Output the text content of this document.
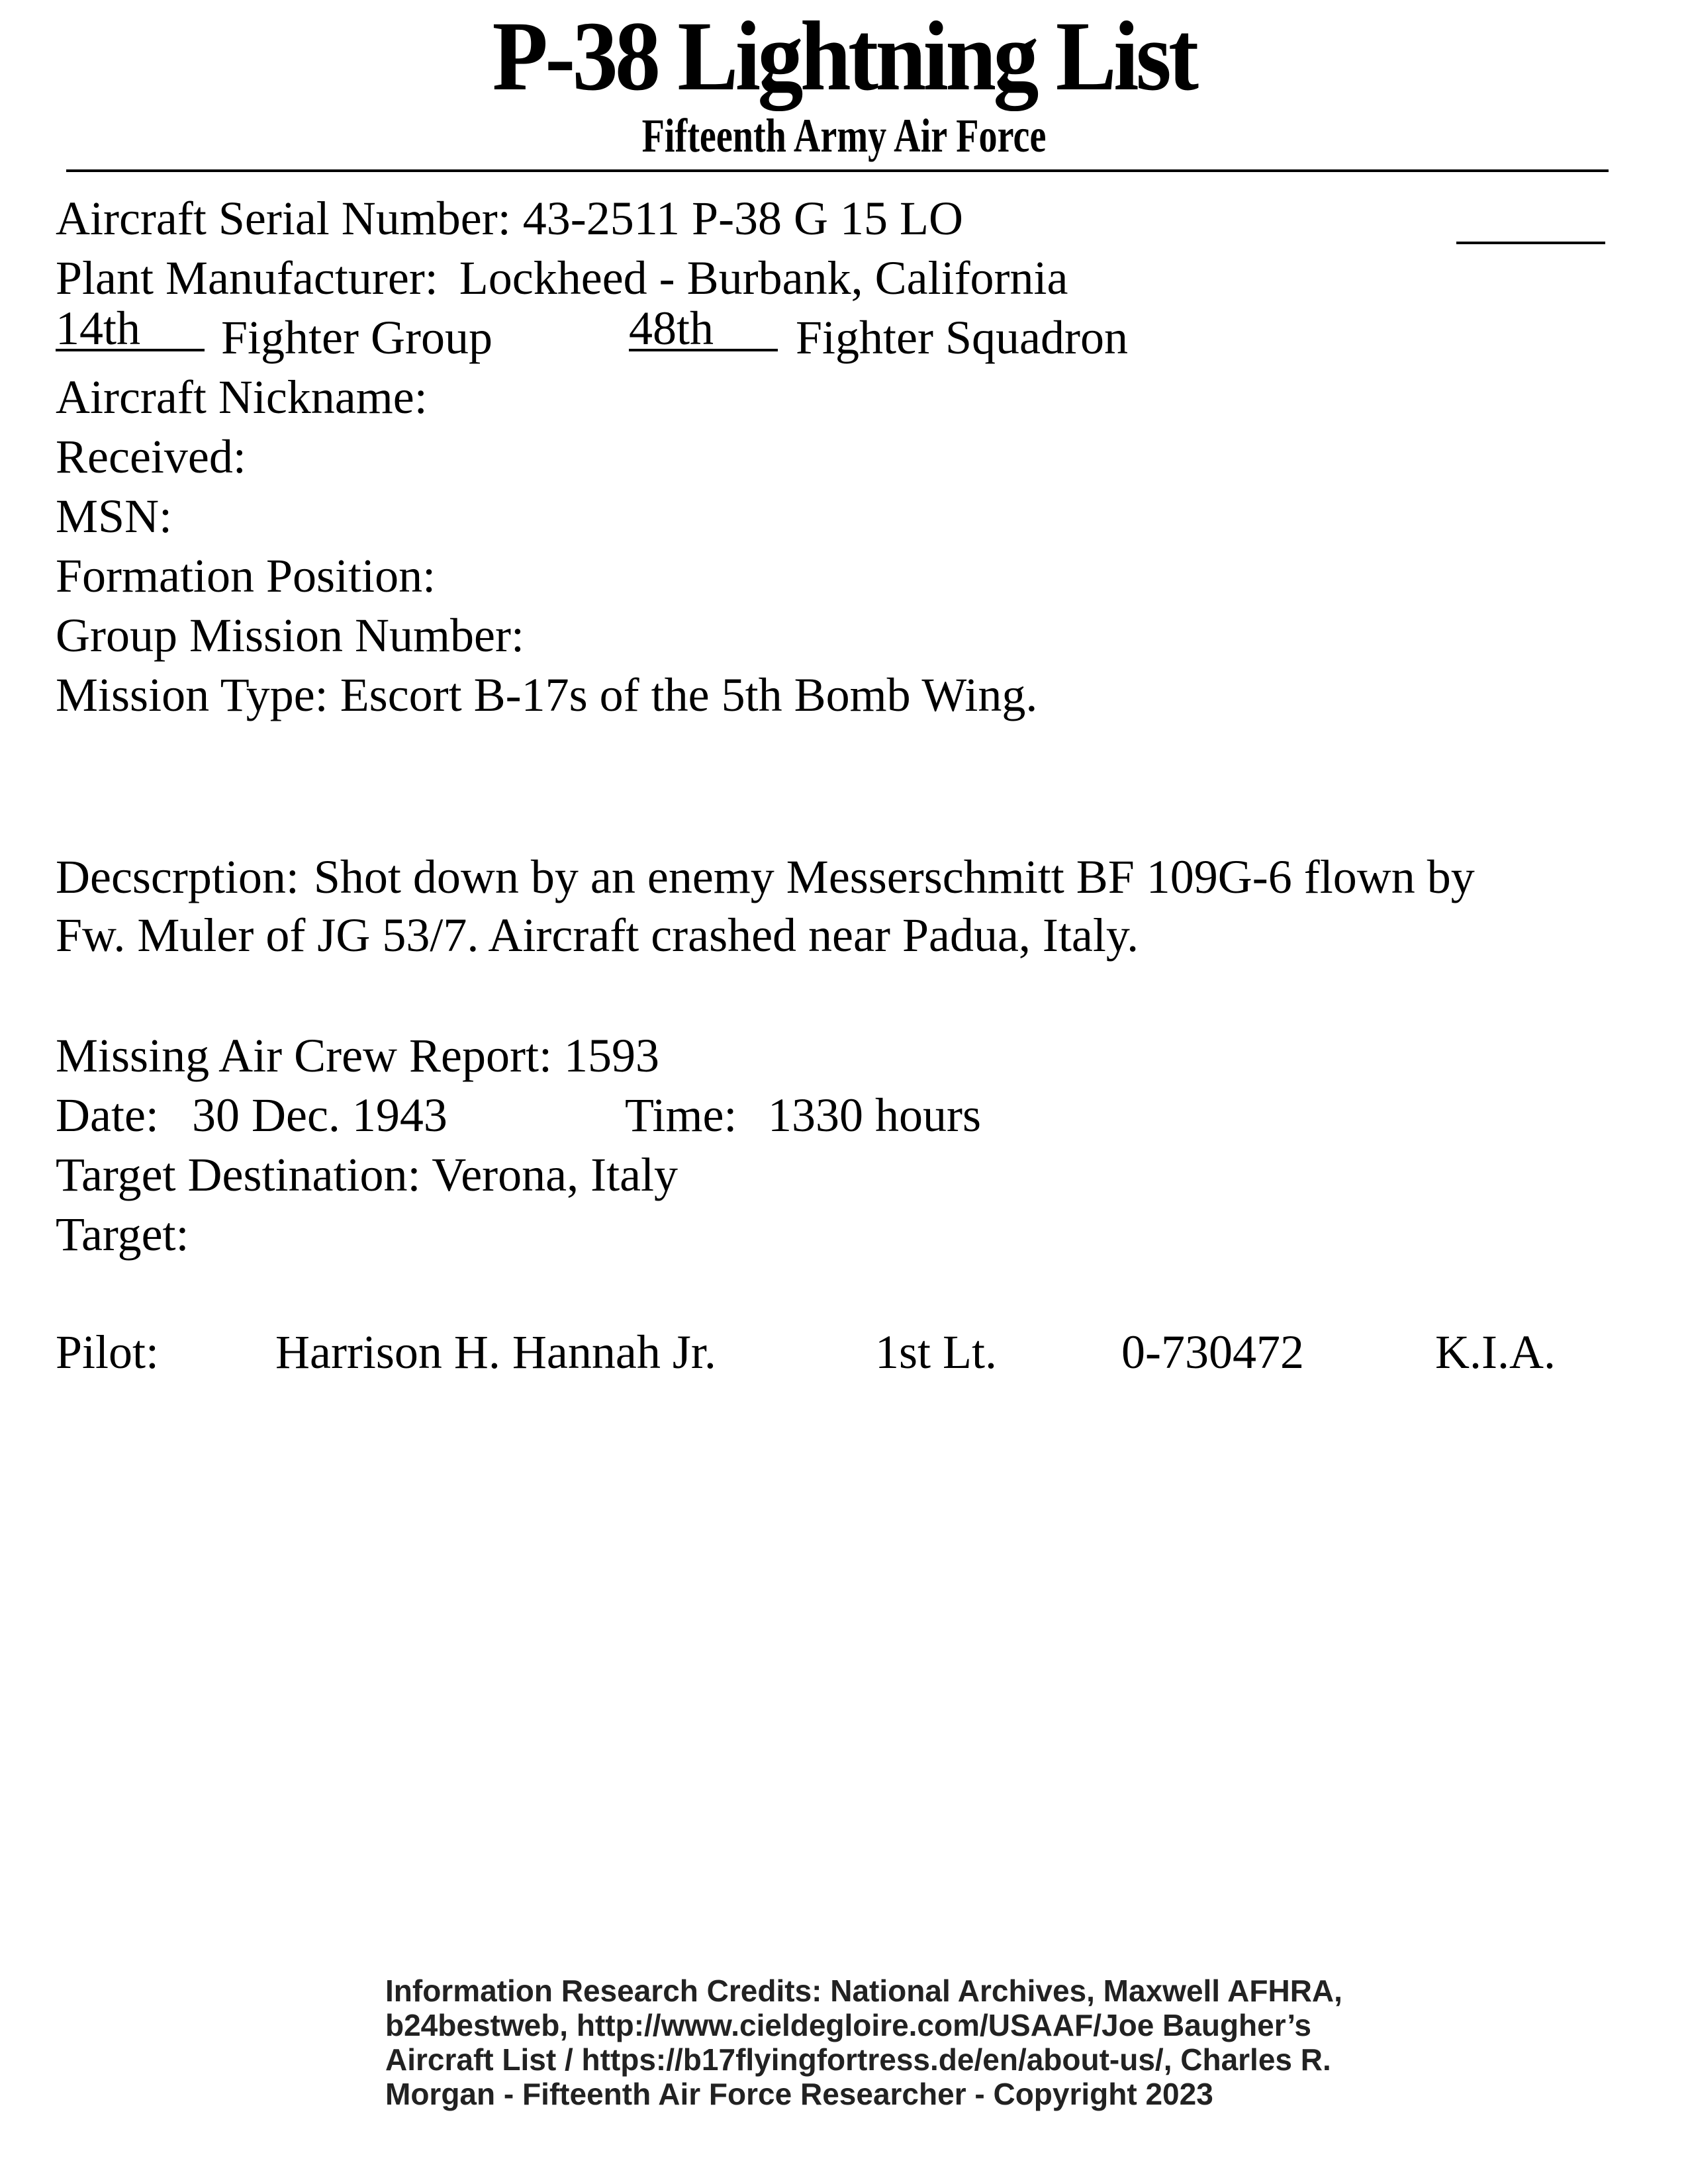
P-38 Lightning List
Fifteenth Army Air Force
Aircraft Serial Number: 43-2511 P-38 G 15 LO
Plant Manufacturer: Lockheed - Burbank, California
14th	Fighter Group	48th	Fighter Squadron
Aircraft Nickname:
Received:
MSN:
Formation Position:
Group Mission Number:
Mission Type: Escort B-17s of the 5th Bomb Wing.
Decscrption: Shot down by an enemy Messerschmitt BF 109G-6 flown by
Fw. Muler of JG 53/7. Aircraft crashed near Padua, Italy.
Missing Air Crew Report: 1593
Date: 30 Dec. 1943	Time: 1330 hours
Target Destination: Verona, Italy
Target:
Pilot: Harrison H. Hannah Jr.	1st Lt.	0-730472	K.I.A.
Information Research Credits: National Archives, Maxwell AFHRA,
b24bestweb, http://www.cieldegloire.com/USAAF/Joe Baugher’s
Aircraft List / https://b17flyingfortress.de/en/about-us/, Charles R.
Morgan - Fifteenth Air Force Researcher - Copyright 2023
